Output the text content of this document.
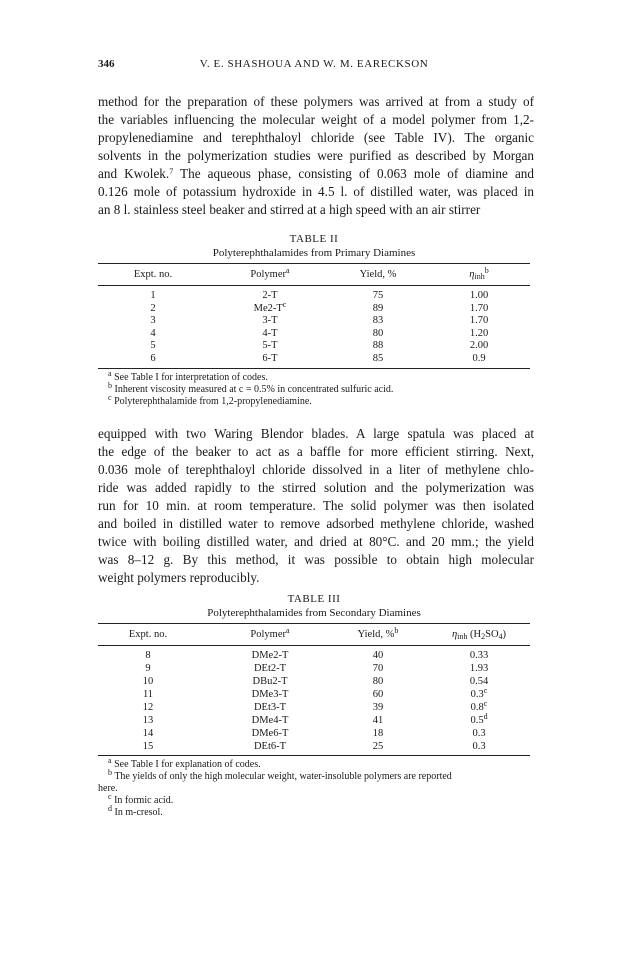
346	V. E. SHASHOUA AND W. M. EARECKSON

method for the preparation of these polymers was arrived at from a study of

the variables influencing the molecular weight of a model polymer from 1,2-

propylenediamine and terephthaloyl chloride (see Table IV). The organic

solvents in the polymerization studies were purified as described by Morgan

and Kwolek.$^7$ The aqueous phase, consisting of 0.063 mole of diamine and

0.126 mole of potassium hydroxide in 4.5 l. of distilled water, was placed in

an 8 l. stainless steel beaker and stirred at a high speed with an air stirrer

TABLE II
Polyterephthalamides from Primary Diamines
Expt. no.	Polymer$^a$	Yield, %	$\eta_{inh}^b$
1	2-T	75	1.00
2	$Me2-T^c$	89	1.70
3	3-T	83	1.70
4	4-T	80	1.20
5	5-T	88	2.00
6	6-T	85	0.9
$^a$ See Table I for interpretation of codes.
$^b$ Inherent viscosity measured at c = 0.5% in concentrated sulfuric acid.
$^c$ Polyterephthalamide from 1,2-propylenediamine.

equipped with two Waring Blendor blades. A large spatula was placed at

the edge of the beaker to act as a baffle for more efficient stirring. Next,

0.036 mole of terephthaloyl chloride dissolved in a liter of methylene chlo-

ride was added rapidly to the stirred solution and the polymerization was

run for 10 min. at room temperature. The solid polymer was then isolated

and boiled in distilled water to remove adsorbed methylene chloride, washed

twice with boiling distilled water, and dried at 80°C. and 20 mm.; the yield

was 8–12 g. By this method, it was possible to obtain high molecular

weight polymers reproducibly.

TABLE III
Polyterephthalamides from Secondary Diamines
Expt. no.	Polymer$^a$	Yield, %$^b$	$\eta_{inh}$ $(H_2SO_4)$
8	DMe2-T	40	0.33
9	DEt2-T	70	1.93
10	DBu2-T	80	0.54
11	DMe3-T	60	0.3$^c$
12	DEt3-T	39	0.8$^c$
13	DMe4-T	41	0.5$^d$
14	DMe6-T	18	0.3
15	DEt6-T	25	0.3
$^a$ See Table I for explanation of codes.
$^b$ The yields of only the high molecular weight, water-insoluble polymers are reported
here.
$^c$ In formic acid.
$^d$ In m-cresol.
